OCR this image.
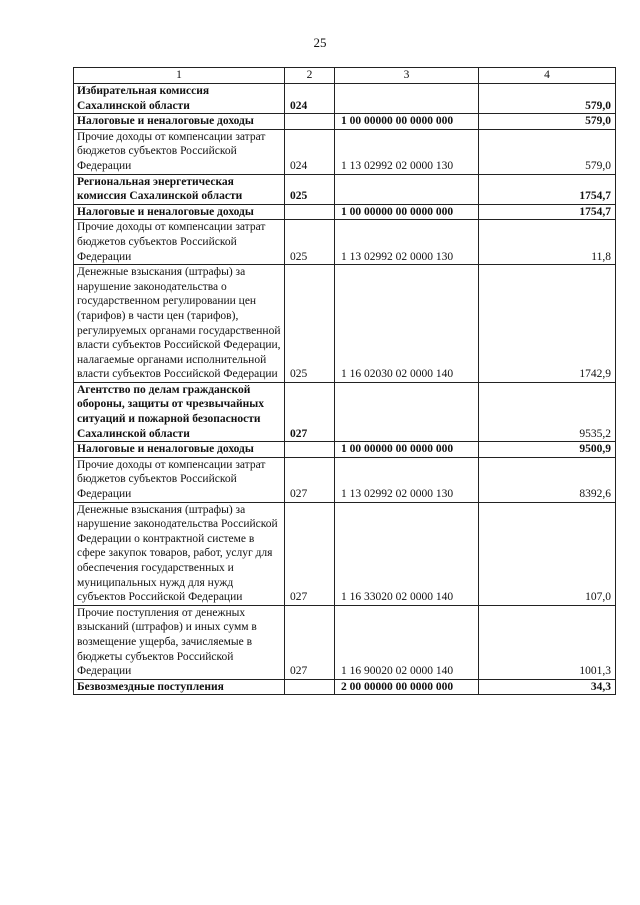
25
1	2	3	4
Избирательная комиссия Сахалинской области	024		579,0
Налоговые и неналоговые доходы		1 00 00000 00 0000 000	579,0
Прочие доходы от компенсации затрат бюджетов субъектов Российской Федерации	024	1 13 02992 02 0000 130	579,0
Региональная энергетическая комиссия Сахалинской области	025		1754,7
Налоговые и неналоговые доходы		1 00 00000 00 0000 000	1754,7
Прочие доходы от компенсации затрат бюджетов субъектов Российской Федерации	025	1 13 02992 02 0000 130	11,8
Денежные взыскания (штрафы) за нарушение законодательства о государственном регулировании цен (тарифов) в части цен (тарифов), регулируемых органами государственной власти субъектов Российской Федерации, налагаемые органами исполнительной власти субъектов Российской Федерации	025	1 16 02030 02 0000 140	1742,9
Агентство по делам гражданской обороны, защиты от чрезвычайных ситуаций и пожарной безопасности Сахалинской области	027		9535,2
Налоговые и неналоговые доходы		1 00 00000 00 0000 000	9500,9
Прочие доходы от компенсации затрат бюджетов субъектов Российской Федерации	027	1 13 02992 02 0000 130	8392,6
Денежные взыскания (штрафы) за нарушение законодательства Российской Федерации о контрактной системе в сфере закупок товаров, работ, услуг для обеспечения государственных и муниципальных нужд для нужд субъектов Российской Федерации	027	1 16 33020 02 0000 140	107,0
Прочие поступления от денежных взысканий (штрафов) и иных сумм в возмещение ущерба, зачисляемые в бюджеты субъектов Российской Федерации	027	1 16 90020 02 0000 140	1001,3
Безвозмездные поступления		2 00 00000 00 0000 000	34,3
